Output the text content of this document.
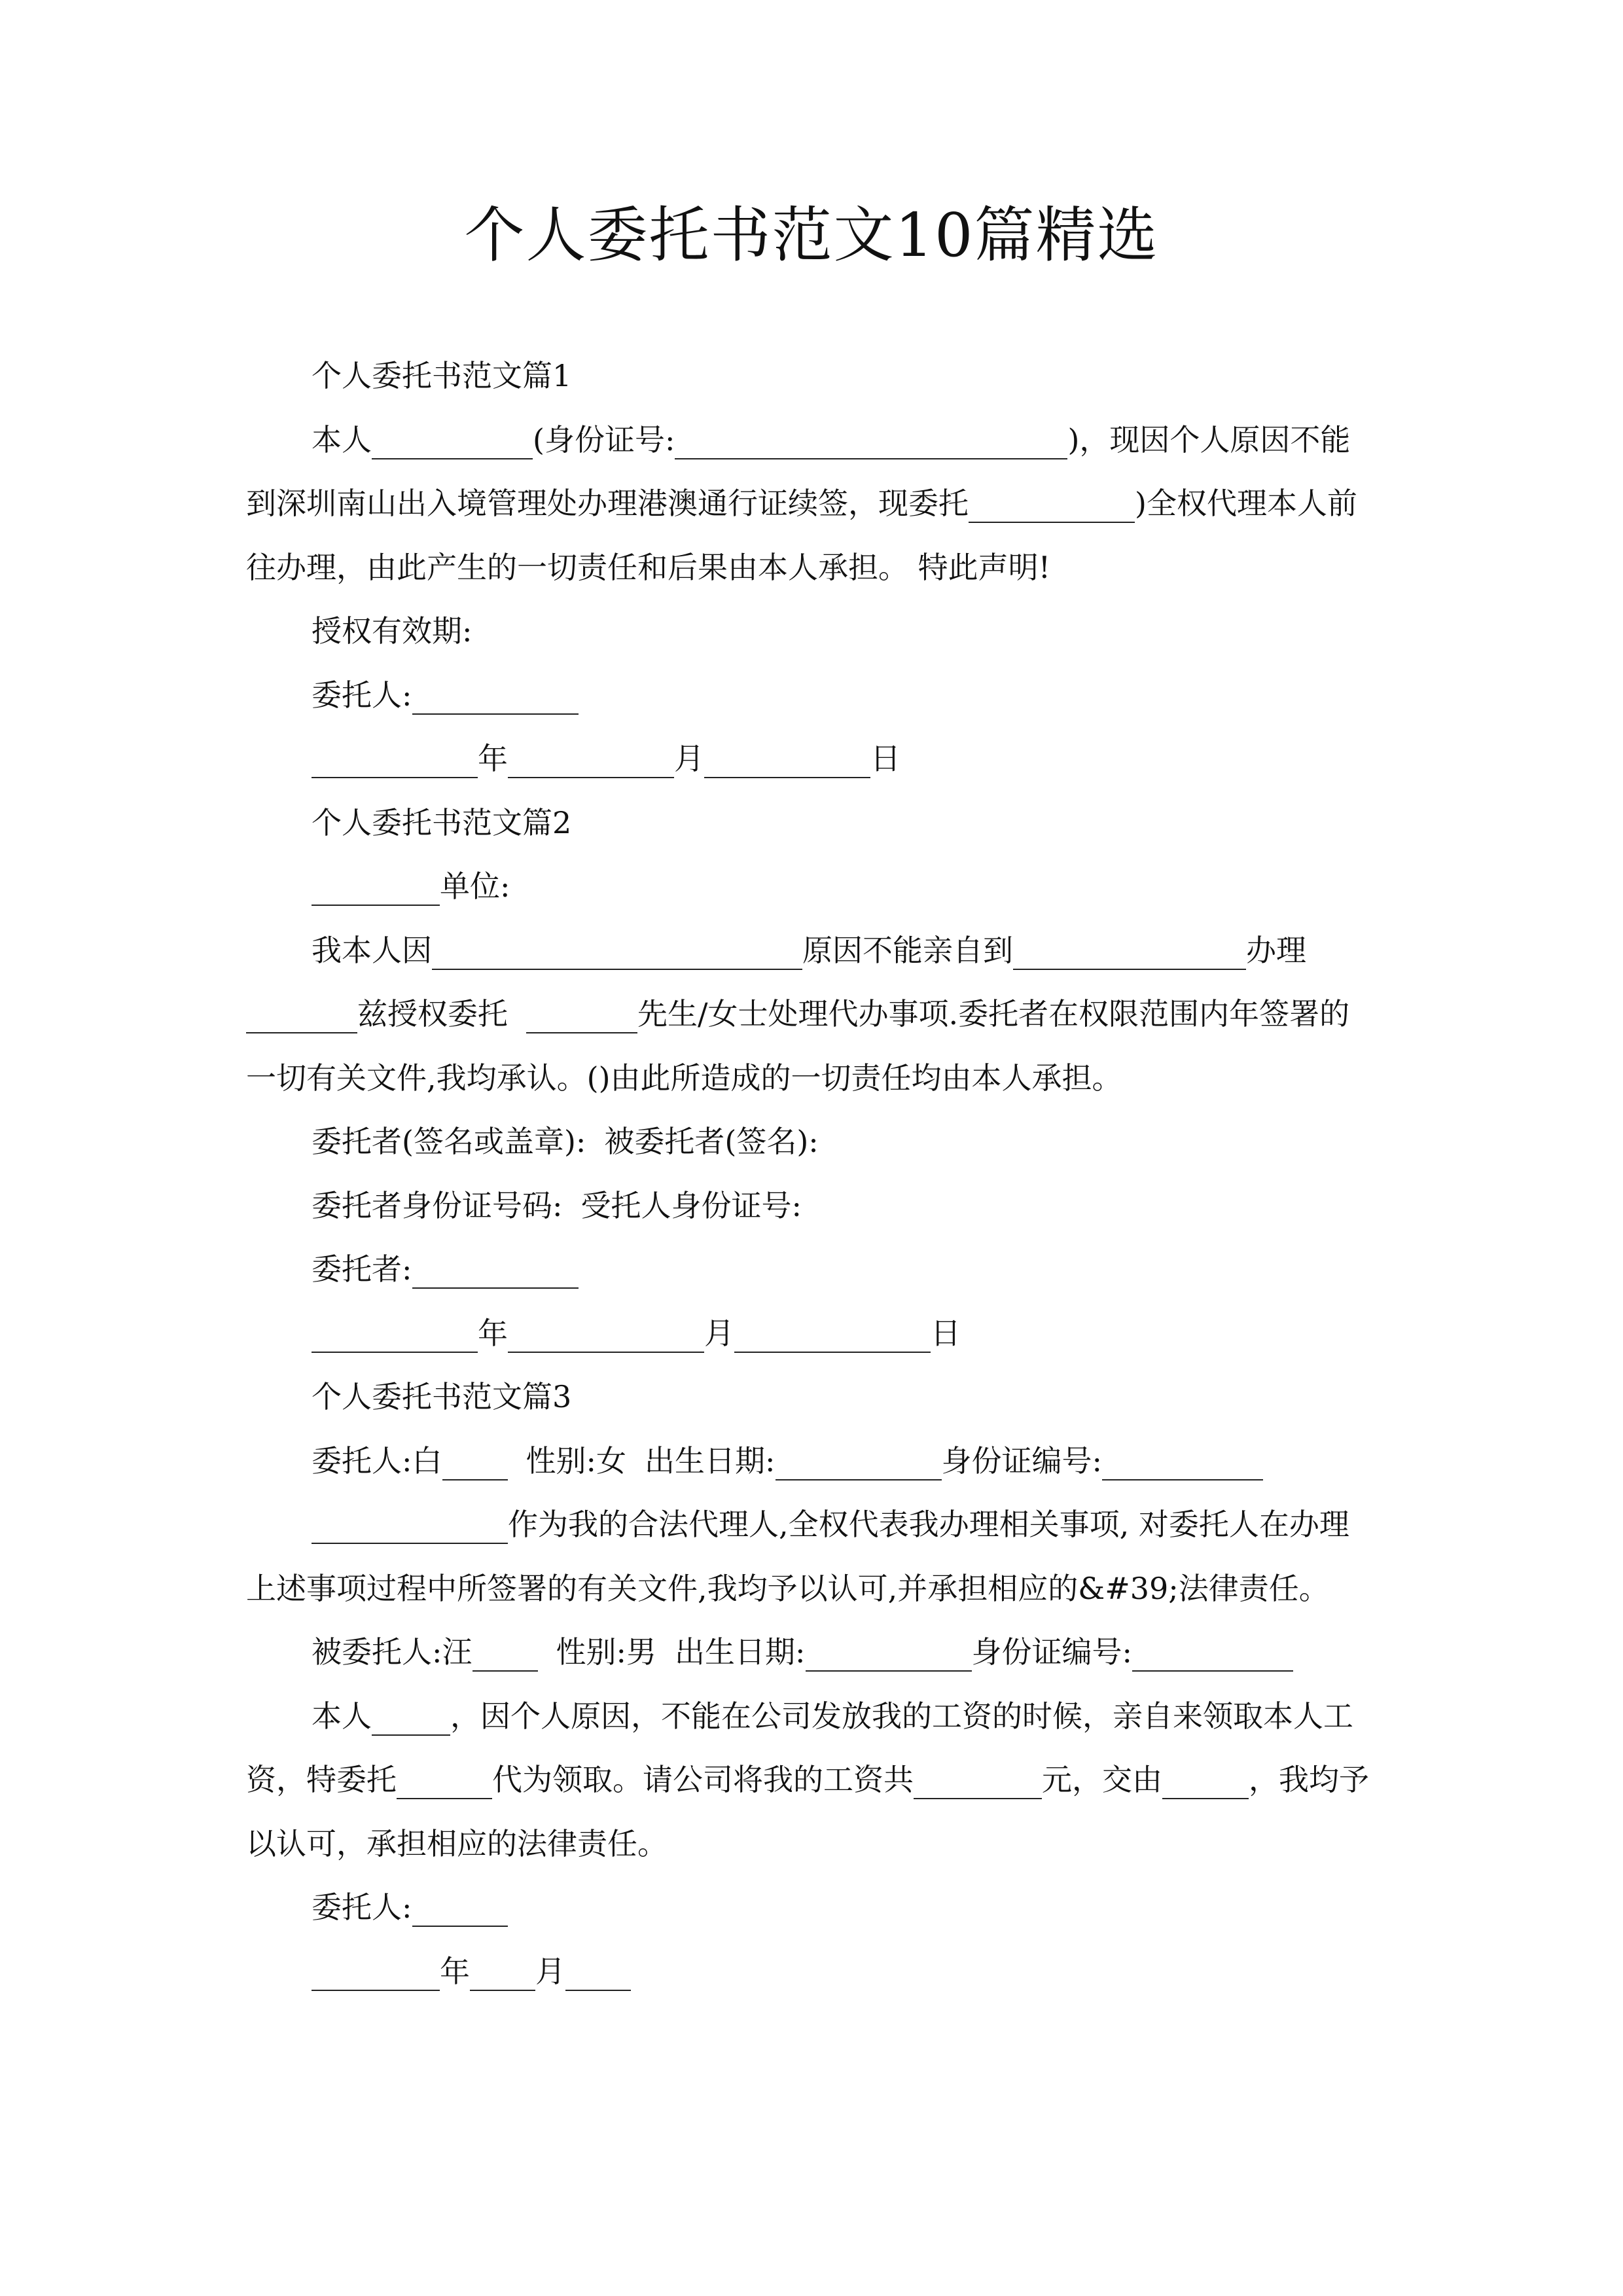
个人委托书范文10篇精选

个人委托书范文篇1

本人	(身份证号:	)，现因个人原因不能到深圳南山出入境管理处办理港澳通行证续签，现委托	)全权代理本人前往办理，由此产生的一切责任和后果由本人承担。 特此声明!

授权有效期:

委托人:

年	月	日

个人委托书范文篇2

单位:

我本人因	原因不能亲自到	办理兹授权委托	先生/女士处理代办事项.委托者在权限范围内年签署的一切有关文件,我均承认。()由此所造成的一切责任均由本人承担。

委托者(签名或盖章): 被委托者(签名):

委托者身份证号码: 受托人身份证号:

委托者:

年	月	日

个人委托书范文篇3

委托人:白	性别:女 出生日期:	身份证编号:

作为我的合法代理人,全权代表我办理相关事项, 对委托人在办理上述事项过程中所签署的有关文件,我均予以认可,并承担相应的&#39;法律责任。

被委托人:汪	性别:男 出生日期:	身份证编号:

本人	，因个人原因，不能在公司发放我的工资的时候，亲自来领取本人工资，特委托	代为领取。请公司将我的工资共	元，交由	，我均予以认可，承担相应的法律责任。

委托人:

年 月
